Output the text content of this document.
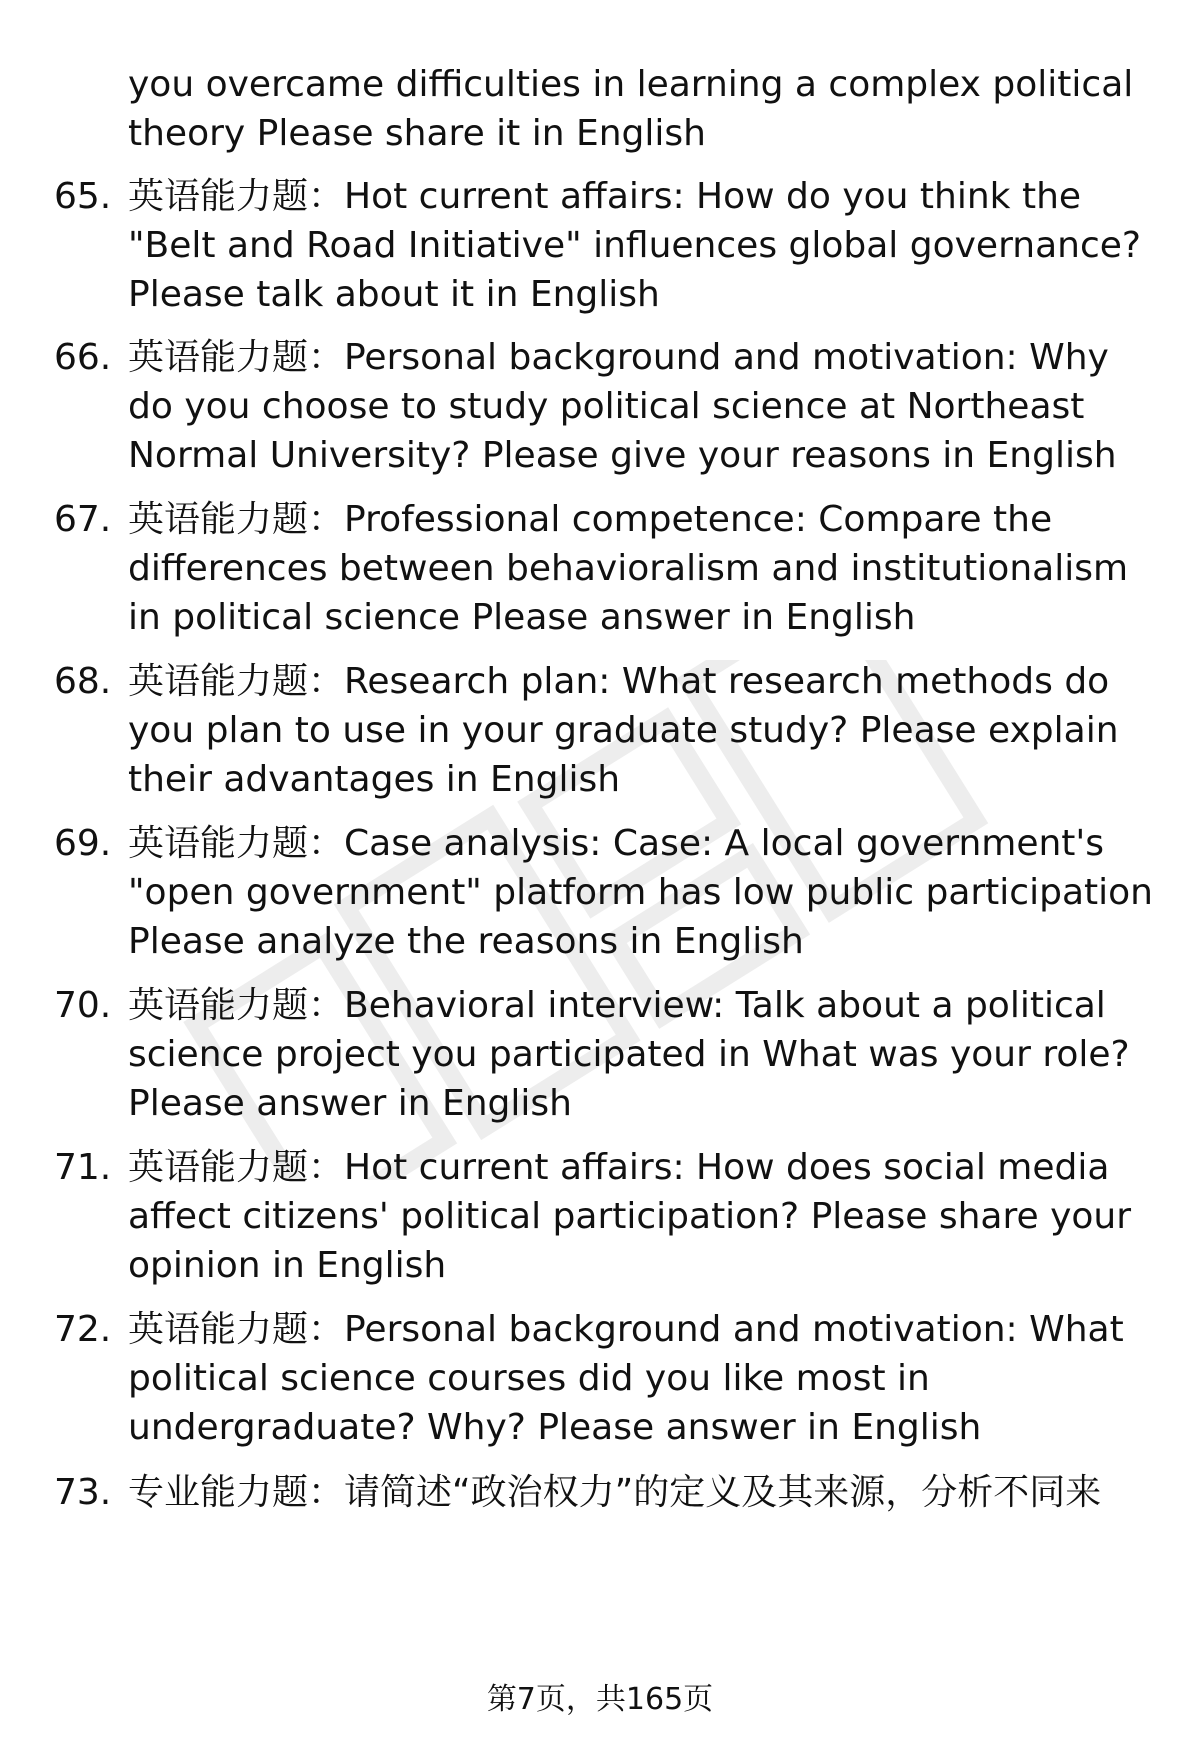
you overcame difficulties in learning a complex political theory Please share it in English
65. 英语能力题：Hot current affairs: How do you think the "Belt and Road Initiative" influences global governance? Please talk about it in English
66. 英语能力题：Personal background and motivation: Why do you choose to study political science at Northeast Normal University? Please give your reasons in English
67. 英语能力题：Professional competence: Compare the differences between behavioralism and institutionalism in political science Please answer in English
68. 英语能力题：Research plan: What research methods do you plan to use in your graduate study? Please explain their advantages in English
69. 英语能力题：Case analysis: Case: A local government's "open government" platform has low public participation Please analyze the reasons in English
70. 英语能力题：Behavioral interview: Talk about a political science project you participated in What was your role? Please answer in English
71. 英语能力题：Hot current affairs: How does social media affect citizens' political participation? Please share your opinion in English
72. 英语能力题：Personal background and motivation: What political science courses did you like most in undergraduate? Why? Please answer in English
73. 专业能力题：请简述“政治权力”的定义及其来源，分析不同来
第7页，共165页
